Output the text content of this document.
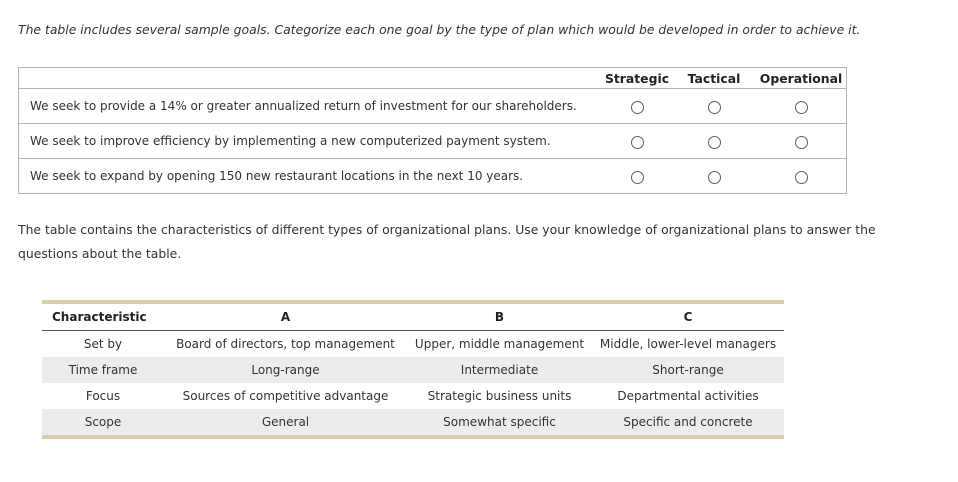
The table includes several sample goals. Categorize each one goal by the type of plan which would be developed in order to achieve it.
	Strategic	Tactical	Operational
We seek to provide a 14% or greater annualized return of investment for our shareholders.			
We seek to improve efficiency by implementing a new computerized payment system.			
We seek to expand by opening 150 new restaurant locations in the next 10 years.			
The table contains the characteristics of different types of organizational plans. Use your knowledge of organizational plans to answer the questions about the table.
Characteristic	A	B	C
Set by	Board of directors, top management	Upper, middle management	Middle, lower-level managers
Time frame	Long-range	Intermediate	Short-range
Focus	Sources of competitive advantage	Strategic business units	Departmental activities
Scope	General	Somewhat specific	Specific and concrete
